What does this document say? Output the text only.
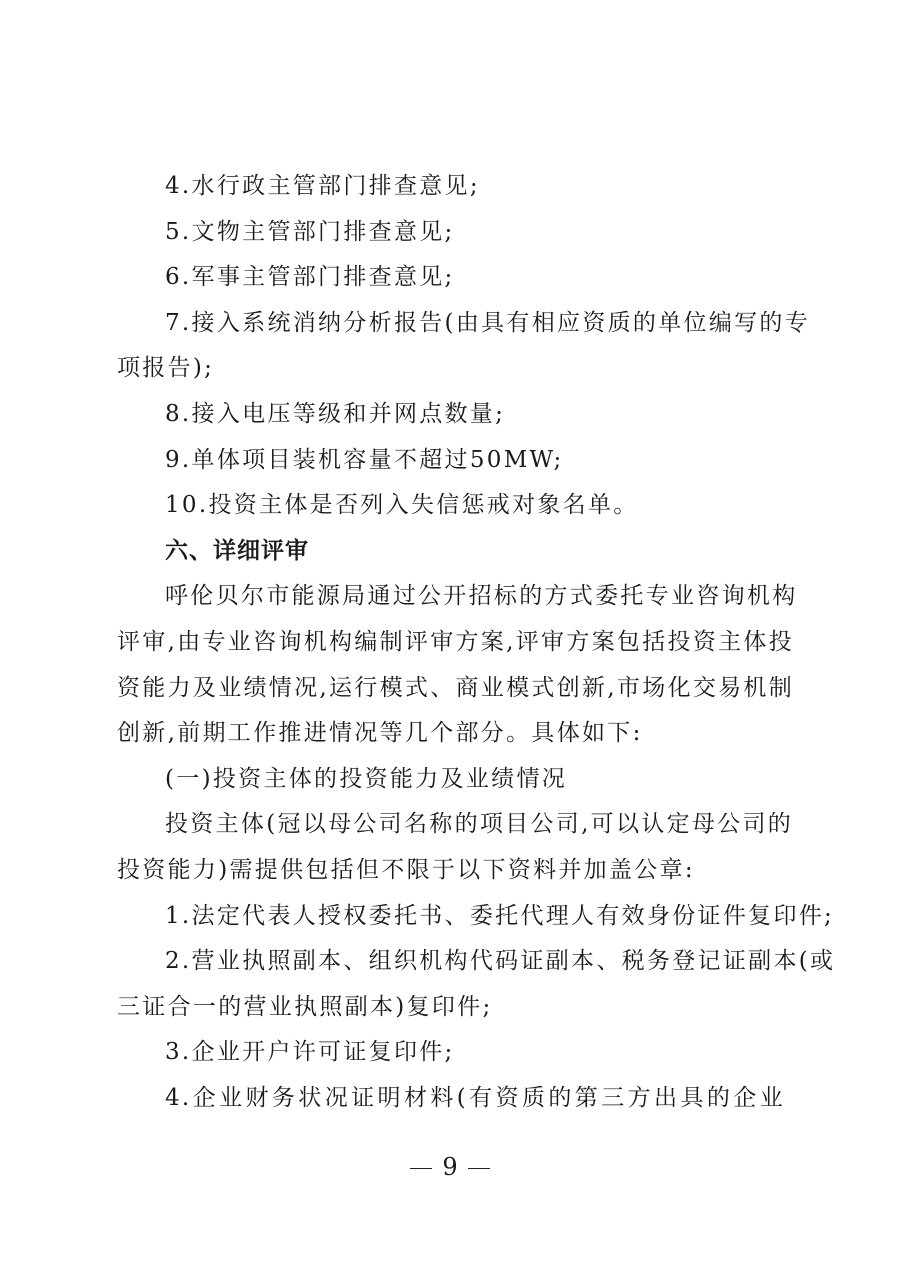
4.水行政主管部门排查意见;
5.文物主管部门排查意见;
6.军事主管部门排查意见;
7.接入系统消纳分析报告(由具有相应资质的单位编写的专
项报告);
8.接入电压等级和并网点数量;
9.单体项目装机容量不超过50MW;
10.投资主体是否列入失信惩戒对象名单。
六、详细评审
呼伦贝尔市能源局通过公开招标的方式委托专业咨询机构
评审,由专业咨询机构编制评审方案,评审方案包括投资主体投
资能力及业绩情况,运行模式、商业模式创新,市场化交易机制
创新,前期工作推进情况等几个部分。具体如下:
(一)投资主体的投资能力及业绩情况
投资主体(冠以母公司名称的项目公司,可以认定母公司的
投资能力)需提供包括但不限于以下资料并加盖公章:
1.法定代表人授权委托书、委托代理人有效身份证件复印件;
2.营业执照副本、组织机构代码证副本、税务登记证副本(或
三证合一的营业执照副本)复印件;
3.企业开户许可证复印件;
4.企业财务状况证明材料(有资质的第三方出具的企业
9
